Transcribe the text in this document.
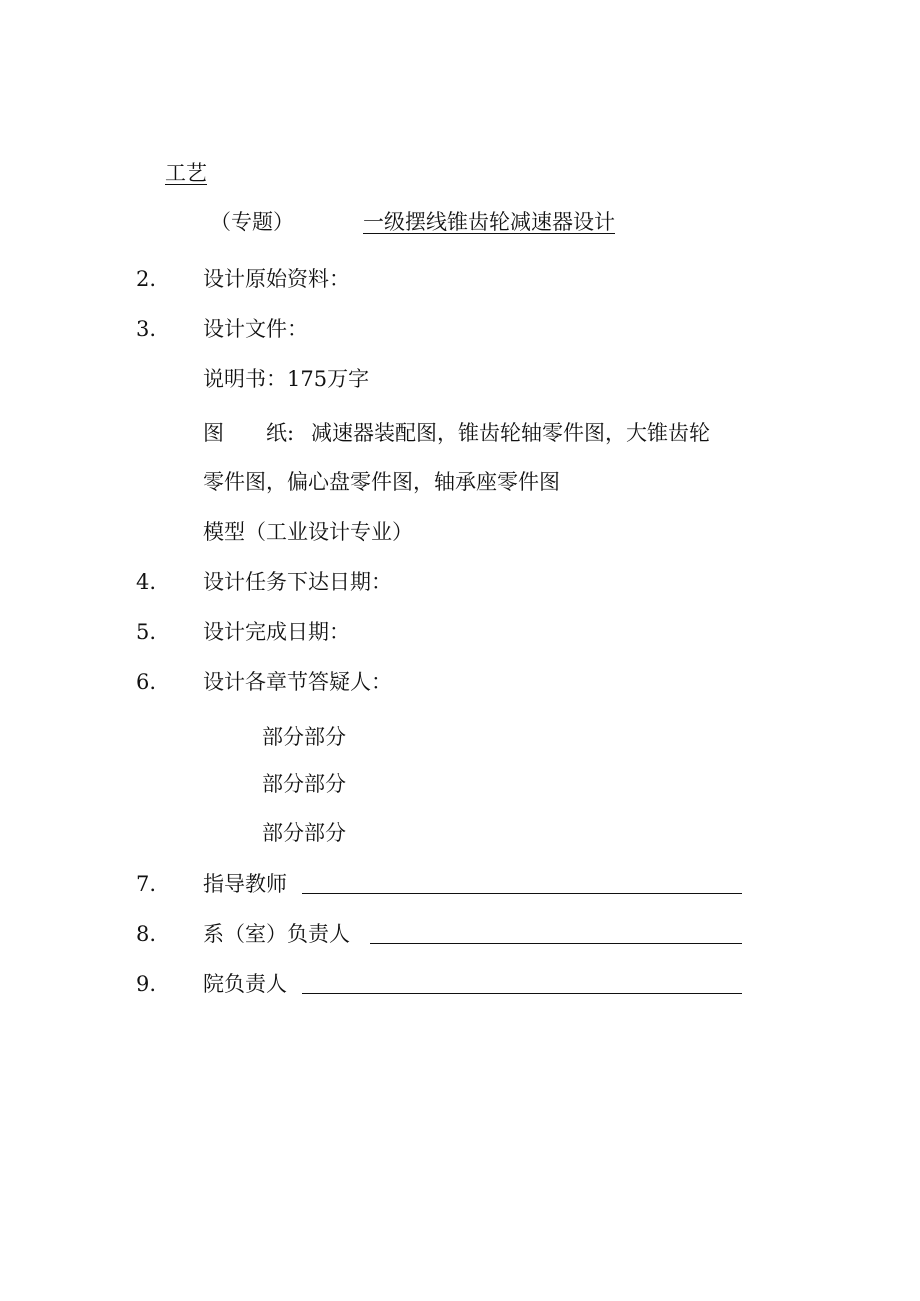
工艺
（专题）	一级摆线锥齿轮减速器设计
2.	设计原始资料：
3.	设计文件：
说明书：175万字
图　　纸: 减速器装配图，锥齿轮轴零件图，大锥齿轮
零件图，偏心盘零件图，轴承座零件图
模型（工业设计专业）
4.	设计任务下达日期：
5.	设计完成日期：
6.	设计各章节答疑人：
部分部分
部分部分
部分部分
7.	指导教师
8.	系（室）负责人
9.	院负责人
